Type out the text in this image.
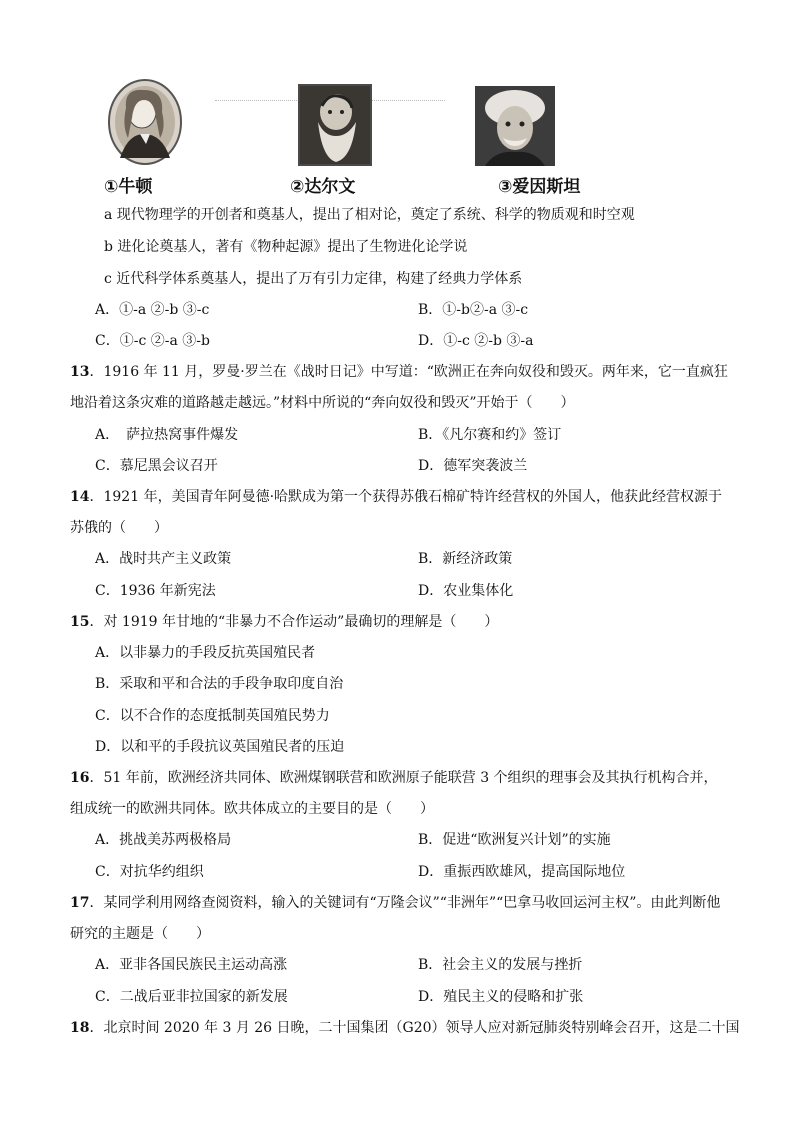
①牛顿	②达尔文	③爱因斯坦
a 现代物理学的开创者和奠基人，提出了相对论，奠定了系统、科学的物质观和时空观
b 进化论奠基人，著有《物种起源》提出了生物进化论学说
c 近代科学体系奠基人，提出了万有引力定律，构建了经典力学体系
A．①-a ②-b ③-c	B．①-b②-a ③-c
C．①-c ②-a ③-b	D．①-c ②-b ③-a
13．1916 年 11 月，罗曼·罗兰在《战时日记》中写道：“欧洲正在奔向奴役和毁灭。两年来，它一直疯狂
地沿着这条灾难的道路越走越远。”材料中所说的“奔向奴役和毁灭”开始于（　　）
A．　萨拉热窝事件爆发	B．《凡尔赛和约》签订
C．慕尼黑会议召开	D．德军突袭波兰
14．1921 年，美国青年阿曼德·哈默成为第一个获得苏俄石棉矿特许经营权的外国人，他获此经营权源于
苏俄的（　　）
A．战时共产主义政策	B．新经济政策
C．1936 年新宪法	D．农业集体化
15．对 1919 年甘地的“非暴力不合作运动”最确切的理解是（　　）
A．以非暴力的手段反抗英国殖民者
B．采取和平和合法的手段争取印度自治
C．以不合作的态度抵制英国殖民势力
D．以和平的手段抗议英国殖民者的压迫
16．51 年前，欧洲经济共同体、欧洲煤钢联营和欧洲原子能联营 3 个组织的理事会及其执行机构合并，
组成统一的欧洲共同体。欧共体成立的主要目的是（　　）
A．挑战美苏两极格局	B．促进“欧洲复兴计划”的实施
C．对抗华约组织	D．重振西欧雄风，提高国际地位
17．某同学利用网络查阅资料，输入的关键词有“万隆会议”“非洲年”“巴拿马收回运河主权”。由此判断他
研究的主题是（　　）
A．亚非各国民族民主运动高涨	B．社会主义的发展与挫折
C．二战后亚非拉国家的新发展	D．殖民主义的侵略和扩张
18．北京时间 2020 年 3 月 26 日晚，二十国集团（G20）领导人应对新冠肺炎特别峰会召开，这是二十国
